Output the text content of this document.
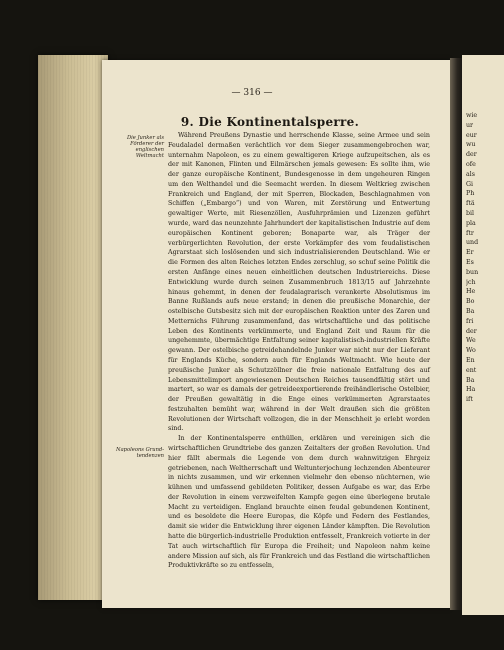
wie
ur
eur
wu
der
ofe
als
Gi
Ph
ftä
bil
pla
ftr
und
Er
Es
bun
jch
He
Bo
Ba
fri
der
We
Wo
En
ent
Ba
Ha
ift
— 316 —
9. Die Kontinentalsperre.
Die Junker als Förderer der englischen Weltmacht
Napoleons Grund-tendenzen

Während Preußens Dynastie und herrschende Klasse, seine Armee und sein Feudaladel dermaßen verächtlich vor dem Sieger zusammengebrochen war, unternahm Napoleon, es zu einem gewaltigeren Kriege aufzupeitschen, als es der mit Kanonen, Flinten und Eilmärschen jemals gewesen: Es sollte ihm, wie der ganze europäische Kontinent, Bundesgenosse in dem ungeheuren Ringen um den Welthandel und die Seemacht werden. In diesem Weltkrieg zwischen Frankreich und England, der mit Sperren, Blockaden, Beschlagnahmen von Schiffen („Embargo“) und von Waren, mit Zerstörung und Entwertung gewaltiger Werte, mit Riesenzöllen, Ausfuhrprämien und Lizenzen geführt wurde, ward das neunzehnte Jahrhundert der kapitalistischen Industrie auf dem europäischen Kontinent geboren; Bonaparte war, als Träger der verbürgerlichten Revolution, der erste Vorkämpfer des vom feudalistischen Agrarstaat sich loslösenden und sich industrialisierenden Deutschland. Wie er die Formen des alten Reiches letzten Endes zerschlug, so schuf seine Politik die ersten Anfänge eines neuen einheitlichen deutschen Industriereichs. Diese Entwicklung wurde durch seinen Zusammenbruch 1813/15 auf Jahrzehnte hinaus gehemmt, in denen der feudalagrarisch verankerte Absolutismus im Banne Rußlands aufs neue erstand; in denen die preußische Monarchie, der ostelbische Gutsbesitz sich mit der europäischen Reaktion unter des Zaren und Metternichs Führung zusammenfand, das wirtschaftliche und das politische Leben des Kontinents verkümmerte, und England Zeit und Raum für die ungehemmte, übermächtige Entfaltung seiner kapitalistisch-industriellen Kräfte gewann. Der ostelbische getreidehandelnde Junker war nicht nur der Lieferant für Englands Küche, sondern auch für Englands Weltmacht. Wie heute der preußische Junker als Schutzzöllner die freie nationale Entfaltung des auf Lebensmittelimport angewiesenen Deutschen Reiches tausendfältig stört und martert, so war es damals der getreideexportierende freihändlerische Ostelbier, der Preußen gewaltätig in die Enge eines verkümmerten Agrarstaates festzuhalten bemüht war, während in der Welt draußen sich die größten Revolutionen der Wirtschaft vollzogen, die in der Menschheit je erlebt worden sind.

In der Kontinentalsperre enthüllen, erklären und vereinigen sich die wirtschaftlichen Grundtriebe des ganzen Zeitalters der großen Revolution. Und hier fällt abermals die Legende von dem durch wahnwitzigen Ehrgeiz getriebenen, nach Weltherrschaft und Weltunterjochung lechzenden Abenteurer in nichts zusammen, und wir erkennen vielmehr den ebenso nüchternen, wie kühnen und umfassend gebildeten Politiker, dessen Aufgabe es war, das Erbe der Revolution in einem verzweifelten Kampfe gegen eine überlegene brutale Macht zu verteidigen. England brauchte einen feudal gebundenen Kontinent, und es besoldete die Heere Europas, die Köpfe und Federn des Festlandes, damit sie wider die Entwicklung ihrer eigenen Länder kämpften. Die Revolution hatte die bürgerlich-industrielle Produktion entfesselt, Frankreich votierte in der Tat auch wirtschaftlich für Europa die Freiheit; und Napoleon nahm keine andere Mission auf sich, als für Frankreich und das Festland die wirtschaftlichen Produktivkräfte so zu entfesseln,
